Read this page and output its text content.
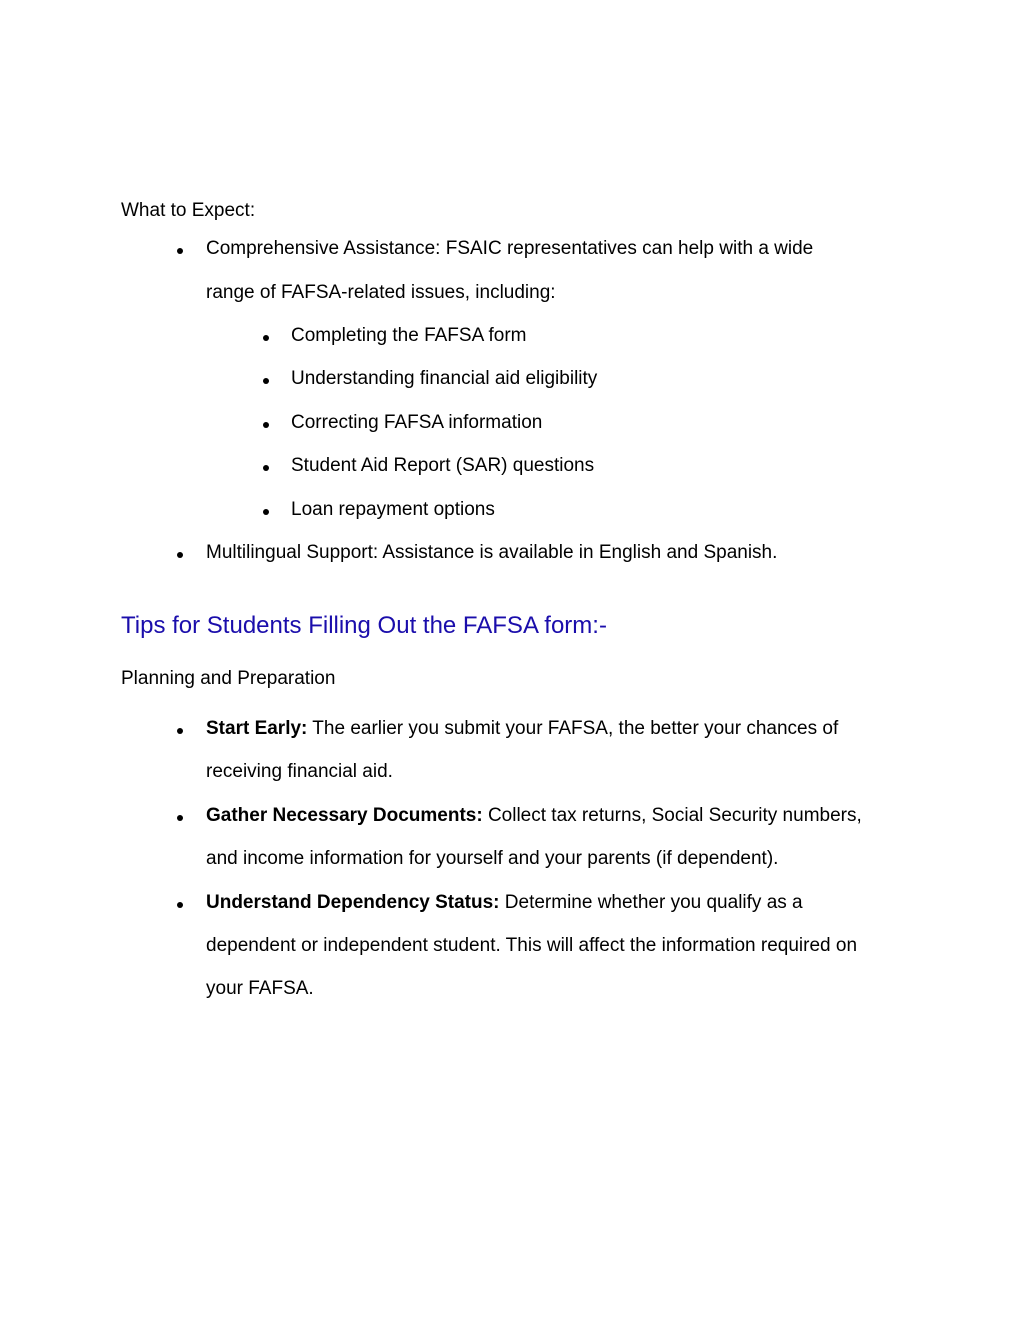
What to Expect:
Comprehensive Assistance: FSAIC representatives can help with a wide
range of FAFSA-related issues, including:
Completing the FAFSA form
Understanding financial aid eligibility
Correcting FAFSA information
Student Aid Report (SAR) questions
Loan repayment options
Multilingual Support: Assistance is available in English and Spanish.
Tips for Students Filling Out the FAFSA form:-
Planning and Preparation
Start Early: The earlier you submit your FAFSA, the better your chances of
receiving financial aid.
Gather Necessary Documents: Collect tax returns, Social Security numbers,
and income information for yourself and your parents (if dependent).
Understand Dependency Status: Determine whether you qualify as a
dependent or independent student. This will affect the information required on
your FAFSA.
